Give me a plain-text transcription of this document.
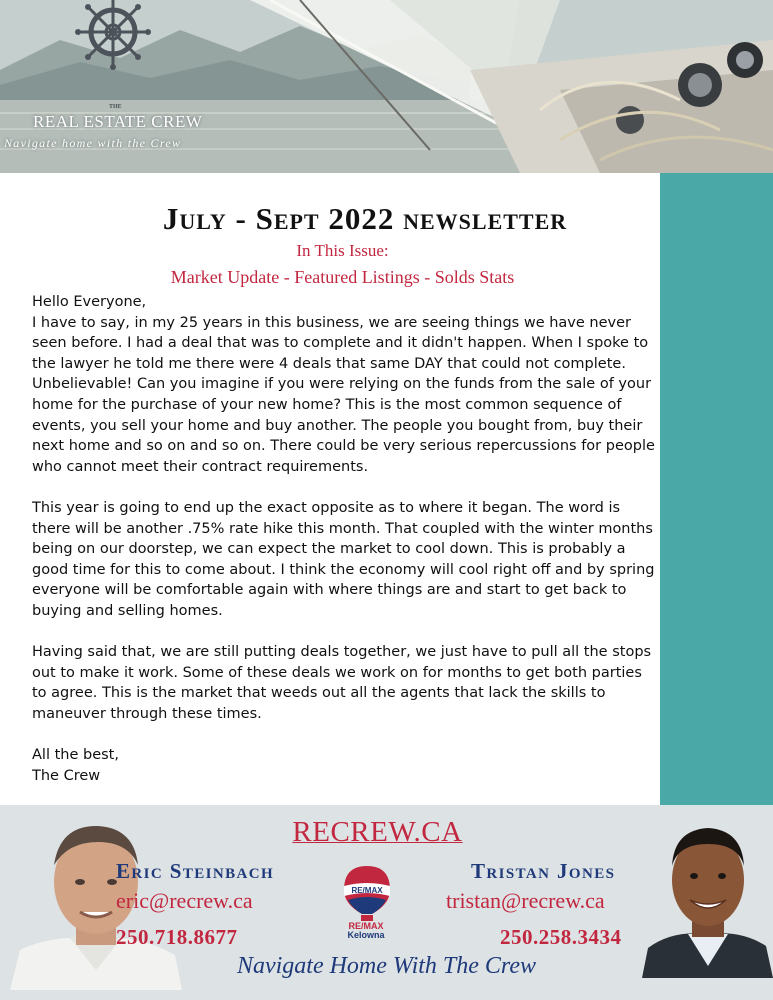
THE
REAL ESTATE CREW
Navigate home with the Crew
July - Sept 2022 newsletter
In This Issue:
Market Update - Featured Listings - Solds Stats

Hello Everyone,

I have to say, in my 25 years in this business, we are seeing things we have never seen before. I had a deal that was to complete and it didn't happen. When I spoke to the lawyer he told me there were 4 deals that same DAY that could not complete. Unbelievable! Can you imagine if you were relying on the funds from the sale of your home for the purchase of your new home? This is the most common sequence of events, you sell your home and buy another. The people you bought from, buy their next home and so on and so on. There could be very serious repercussions for people who cannot meet their contract requirements.

This year is going to end up the exact opposite as to where it began. The word is there will be another .75% rate hike this month. That coupled with the winter months being on our doorstep, we can expect the market to cool down. This is probably a good time for this to come about. I think the economy will cool right off and by spring everyone will be comfortable again with where things are and start to get back to buying and selling homes.

Having said that, we are still putting deals together, we just have to pull all the stops out to make it work. Some of these deals we work on for months to get both parties to agree. This is the market that weeds out all the agents that lack the skills to maneuver through these times.

All the best,

The Crew

RECREW.CA
Eric Steinbach
eric@recrew.ca
250.718.8677
RE/MAX
RE/MAX
Kelowna
Tristan Jones
tristan@recrew.ca
250.258.3434
Navigate Home With The Crew
